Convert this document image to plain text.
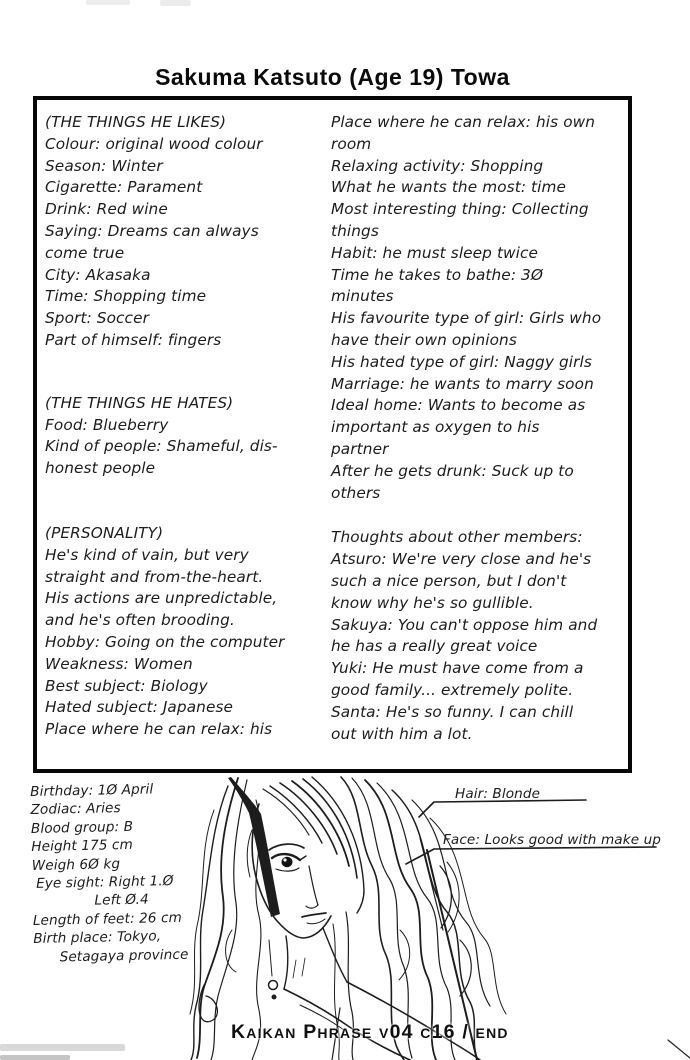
Sakuma Katsuto (Age 19) Towa
(THE THINGS HE LIKES)
Colour: original wood colour
Season: Winter
Cigarette: Parament
Drink: Red wine
Saying: Dreams can always
come true
City: Akasaka
Time: Shopping time
Sport: Soccer
Part of himself: fingers
(THE THINGS HE HATES)
Food: Blueberry
Kind of people: Shameful, dis-
honest people
(PERSONALITY)
He's kind of vain, but very
straight and from-the-heart.
His actions are unpredictable,
and he's often brooding.
Hobby: Going on the computer
Weakness: Women
Best subject: Biology
Hated subject: Japanese
Place where he can relax: his
Place where he can relax: his own
room
Relaxing activity: Shopping
What he wants the most: time
Most interesting thing: Collecting
things
Habit: he must sleep twice
Time he takes to bathe: 3Ø
minutes
His favourite type of girl: Girls who
have their own opinions
His hated type of girl: Naggy girls
Marriage: he wants to marry soon
Ideal home: Wants to become as
important as oxygen to his
partner
After he gets drunk: Suck up to
others
Thoughts about other members:
Atsuro: We're very close and he's
such a nice person, but I don't
know why he's so gullible.
Sakuya: You can't oppose him and
he has a really great voice
Yuki: He must have come from a
good family... extremely polite.
Santa: He's so funny. I can chill
out with him a lot.
Birthday: 1Ø April
Zodiac: Aries
Blood group: B
Height 175 cm
Weigh 6Ø kg
Eye sight: Right 1.Ø
Left Ø.4
Length of feet: 26 cm
Birth place: Tokyo,
Setagaya province
Hair: Blonde
Face: Looks good with make up
Kaikan Phrase v04 c16 / end
